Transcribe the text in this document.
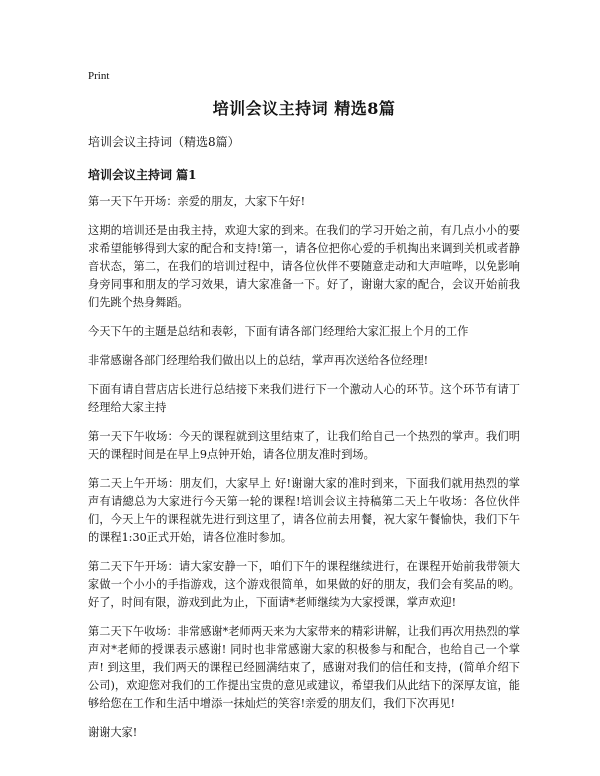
Print
培训会议主持词 精选8篇
培训会议主持词（精选8篇）
培训会议主持词 篇1

第一天下午开场：亲爱的朋友，大家下午好!

这期的培训还是由我主持，欢迎大家的到来。在我们的学习开始之前，有几点小小的要求希望能够得到大家的配合和支持!第一，请各位把你心爱的手机掏出来调到关机或者静音状态，第二，在我们的培训过程中，请各位伙伴不要随意走动和大声喧哗，以免影响身旁同事和朋友的学习效果，请大家准备一下。好了，谢谢大家的配合，会议开始前我们先跳个热身舞蹈。

今天下午的主题是总结和表彰，下面有请各部门经理给大家汇报上个月的工作

非常感谢各部门经理给我们做出以上的总结，掌声再次送给各位经理!

下面有请自营店店长进行总结接下来我们进行下一个激动人心的环节。这个环节有请丁经理给大家主持

第一天下午收场：今天的课程就到这里结束了，让我们给自己一个热烈的掌声。我们明天的课程时间是在早上9点钟开始，请各位朋友准时到场。

第二天上午开场：朋友们，大家早上 好!谢谢大家的准时到来，下面我们就用热烈的掌声有请總总为大家进行今天第一轮的课程!培训会议主持稿第二天上午收场：各位伙伴们，今天上午的课程就先进行到这里了，请各位前去用餐，祝大家午餐愉快，我们下午的课程1:30正式开始，请各位准时参加。

第二天下午开场：请大家安静一下，咱们下午的课程继续进行，在课程开始前我带领大家做一个小小的手指游戏，这个游戏很简单，如果做的好的朋友，我们会有奖品的哟。 好了，时间有限，游戏到此为止，下面请*老师继续为大家授课，掌声欢迎!

第二天下午收场：非常感谢*老师两天来为大家带来的精彩讲解，让我们再次用热烈的掌声对*老师的授课表示感谢! 同时也非常感谢大家的积极参与和配合，也给自己一个掌声! 到这里，我们两天的课程已经圆满结束了，感谢对我们的信任和支持，(简单介绍下公司)，欢迎您对我们的工作提出宝贵的意见或建议，希望我们从此结下的深厚友谊，能够给您在工作和生活中增添一抹灿烂的笑容!亲爱的朋友们，我们下次再见!

谢谢大家!
